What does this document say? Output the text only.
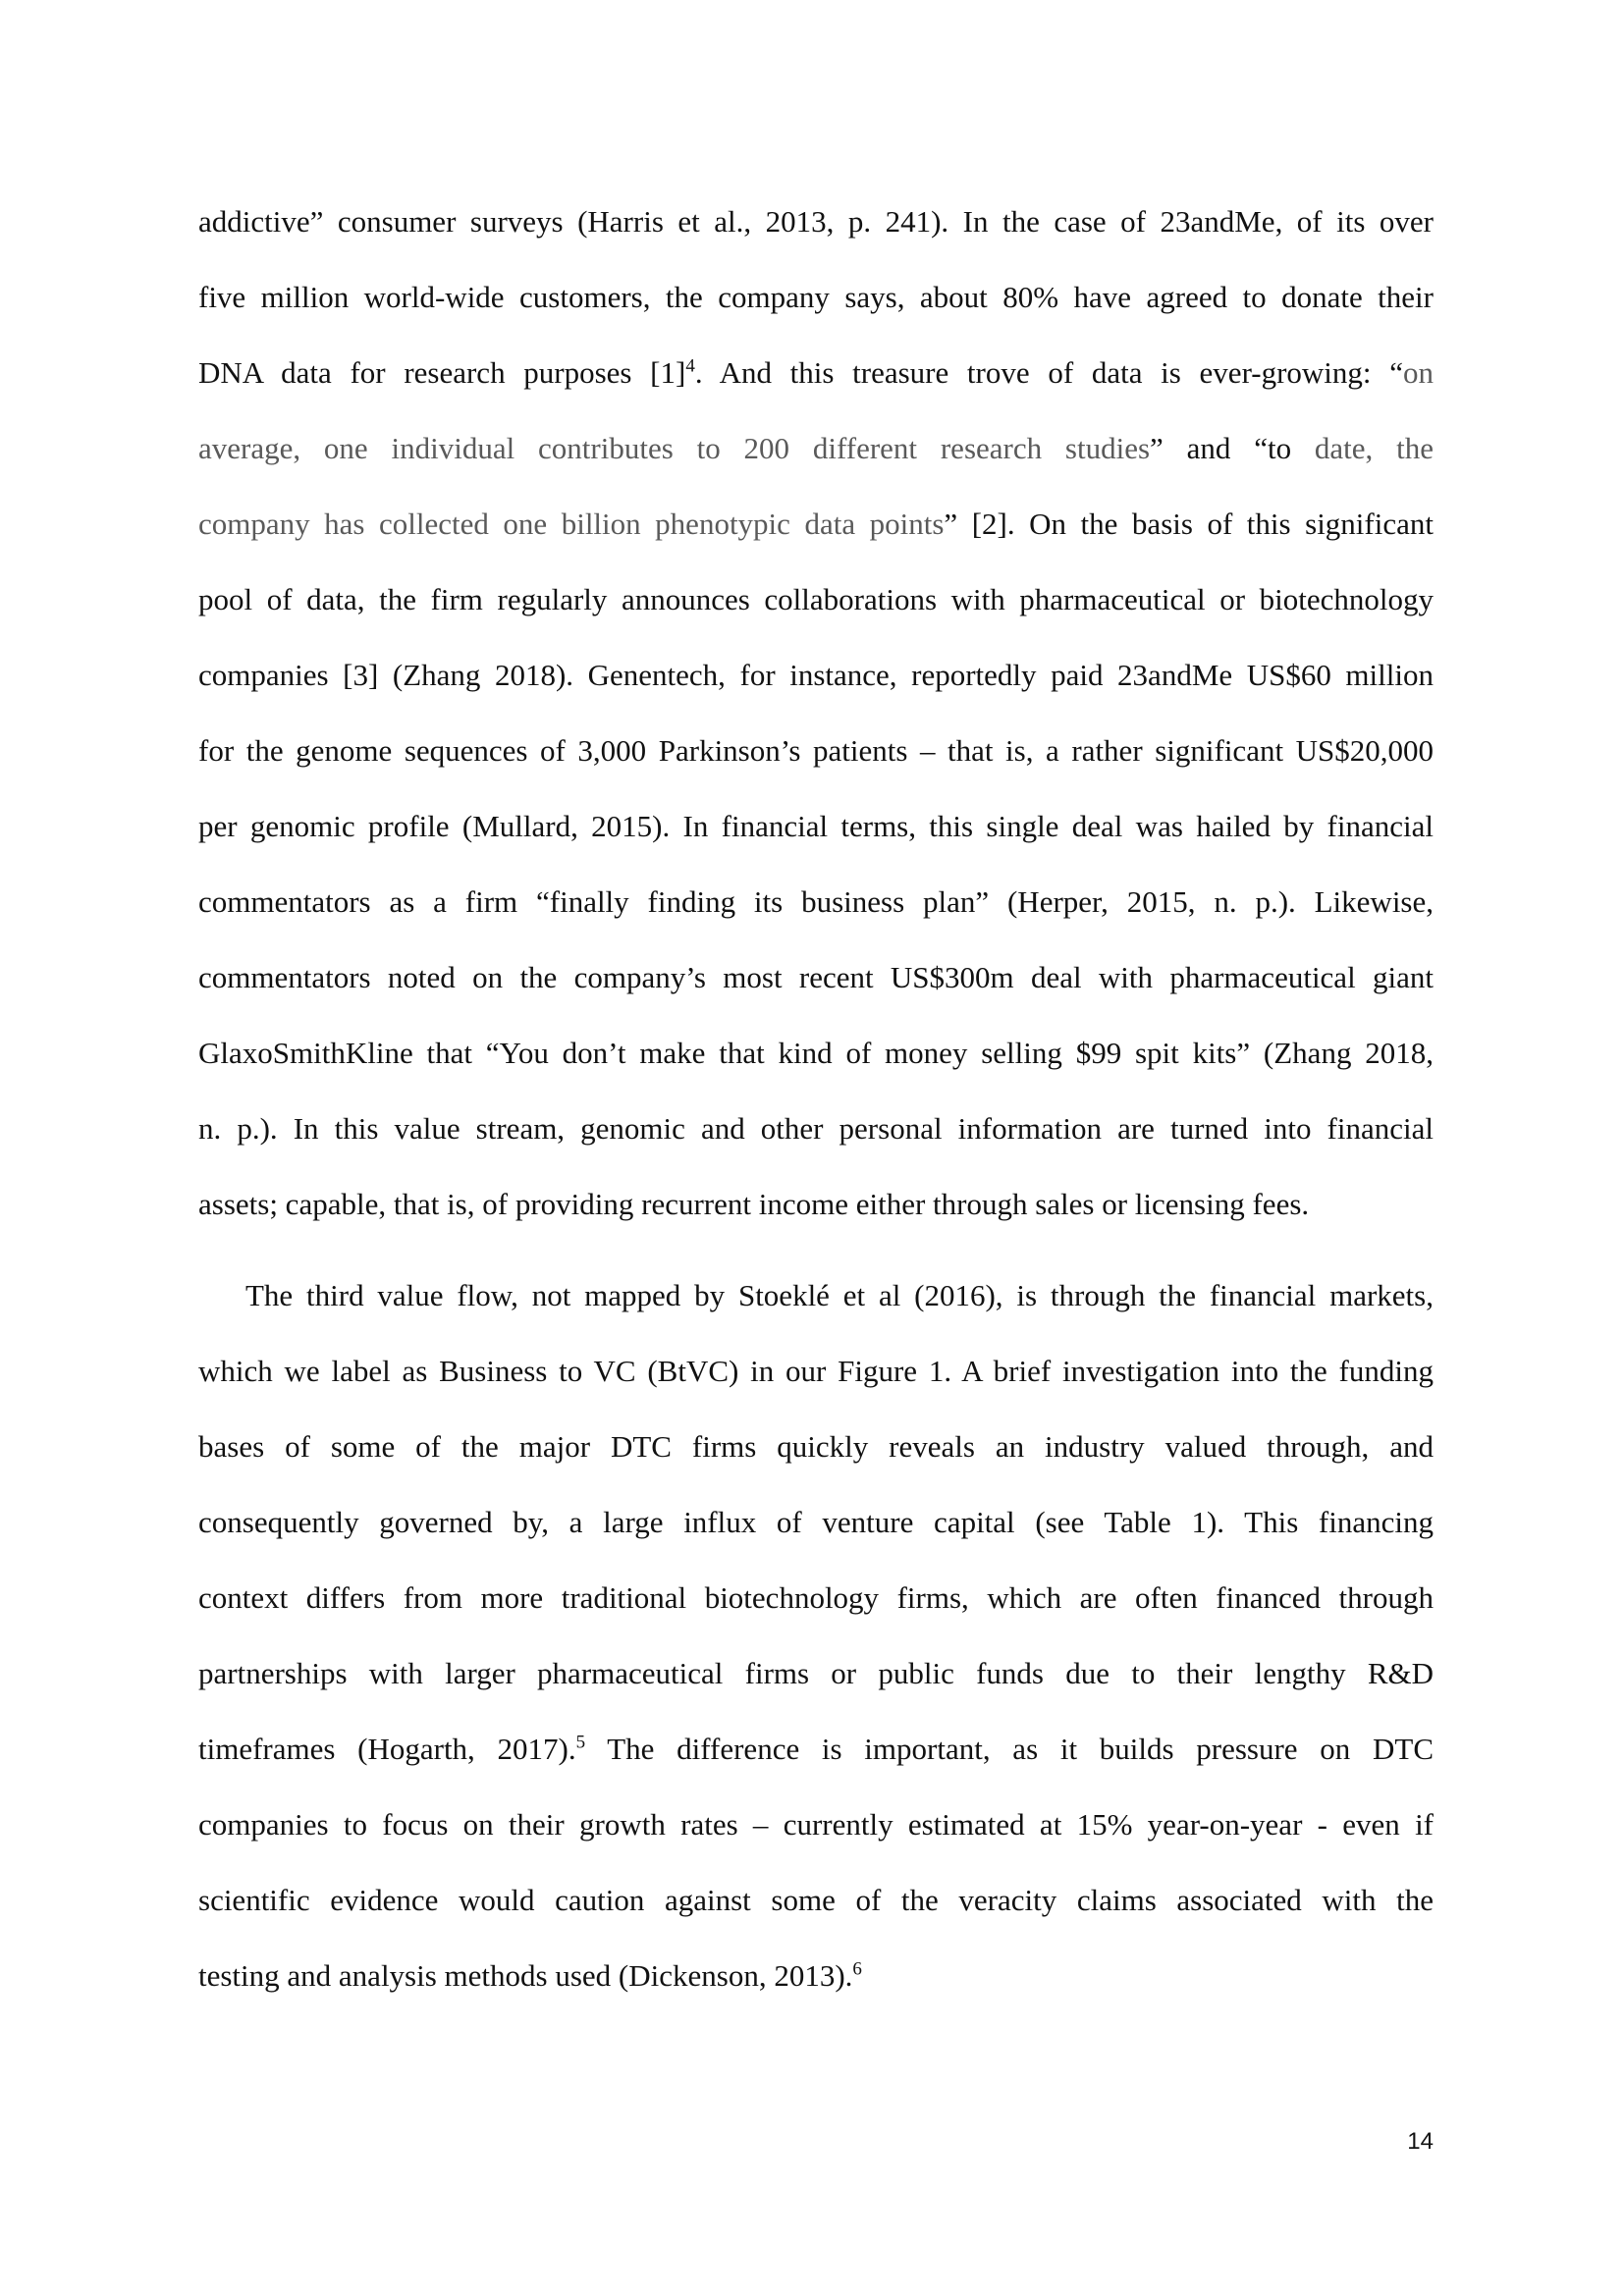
addictive” consumer surveys (Harris et al., 2013, p. 241). In the case of 23andMe, of its over
five million world-wide customers, the company says, about 80% have agreed to donate their
DNA data for research purposes $[1]^4$. And this treasure trove of data is ever-growing: “on
average, one individual contributes to 200 different research studies” and “to date, the
company has collected one billion phenotypic data points” [2]. On the basis of this significant
pool of data, the firm regularly announces collaborations with pharmaceutical or biotechnology
companies [3] (Zhang 2018). Genentech, for instance, reportedly paid 23andMe US$60 million
for the genome sequences of 3,000 Parkinson’s patients – that is, a rather significant US$20,000
per genomic profile (Mullard, 2015). In financial terms, this single deal was hailed by financial
commentators as a firm “finally finding its business plan” (Herper, 2015, n. p.). Likewise,
commentators noted on the company’s most recent US$300m deal with pharmaceutical giant
GlaxoSmithKline that “You don’t make that kind of money selling $99 spit kits” (Zhang 2018,
n. p.). In this value stream, genomic and other personal information are turned into financial
assets; capable, that is, of providing recurrent income either through sales or licensing fees.
The third value flow, not mapped by Stoeklé et al (2016), is through the financial markets,
which we label as Business to VC (BtVC) in our Figure 1. A brief investigation into the funding
bases of some of the major DTC firms quickly reveals an industry valued through, and
consequently governed by, a large influx of venture capital (see Table 1). This financing
context differs from more traditional biotechnology firms, which are often financed through
partnerships with larger pharmaceutical firms or public funds due to their lengthy R&D
timeframes (Hogarth, 2017).$^5$ The difference is important, as it builds pressure on DTC
companies to focus on their growth rates – currently estimated at 15% year-on-year - even if
scientific evidence would caution against some of the veracity claims associated with the
testing and analysis methods used (Dickenson, 2013).$^6$
14
